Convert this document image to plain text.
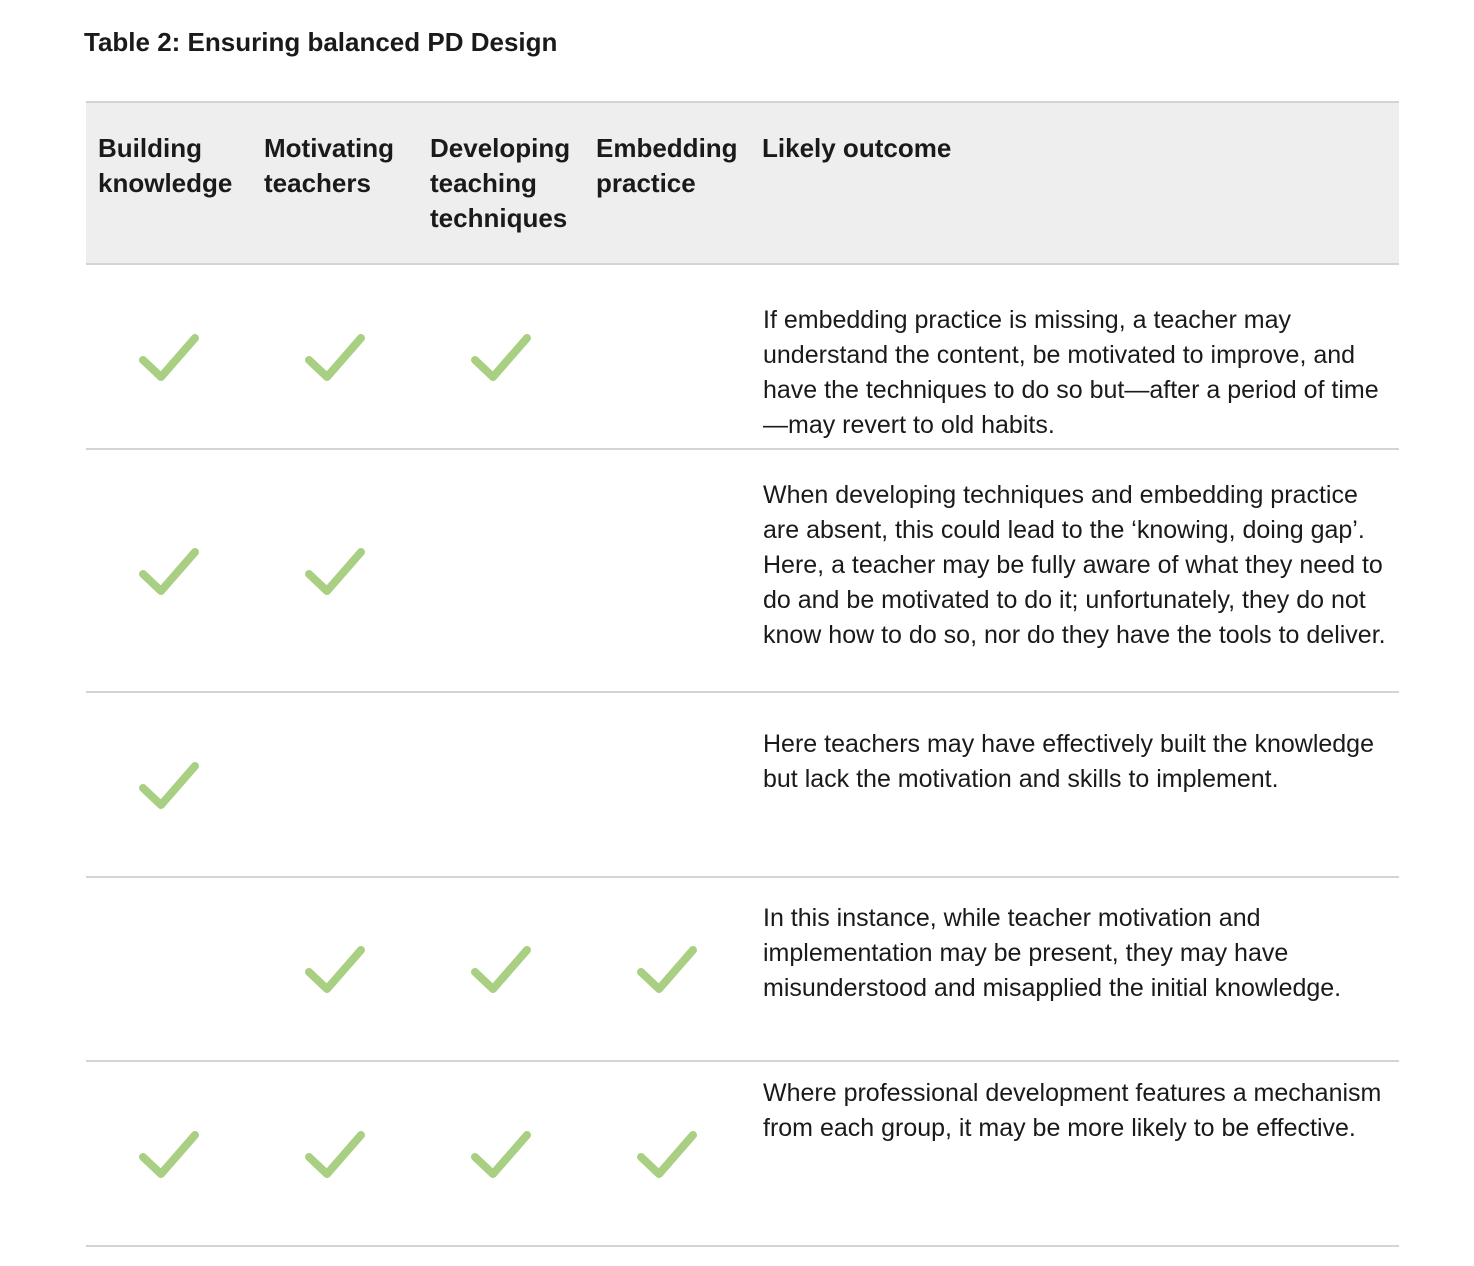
Table 2: Ensuring balanced PD Design
Building
knowledge
Motivating
teachers
Developing
teaching
techniques
Embedding
practice
Likely outcome
If embedding practice is missing, a teacher may understand the content, be motivated to improve, and have the techniques to do so but—after a period of time—may revert to old habits.
When developing techniques and embedding practice are absent, this could lead to the ‘knowing, doing gap’. Here, a teacher may be fully aware of what they need to do and be motivated to do it; unfortunately, they do not know how to do so, nor do they have the tools to deliver.
Here teachers may have effectively built the knowledge but lack the motivation and skills to implement.
In this instance, while teacher motivation and implementation may be present, they may have misunderstood and misapplied the initial knowledge.
Where professional development features a mechanism from each group, it may be more likely to be effective.
